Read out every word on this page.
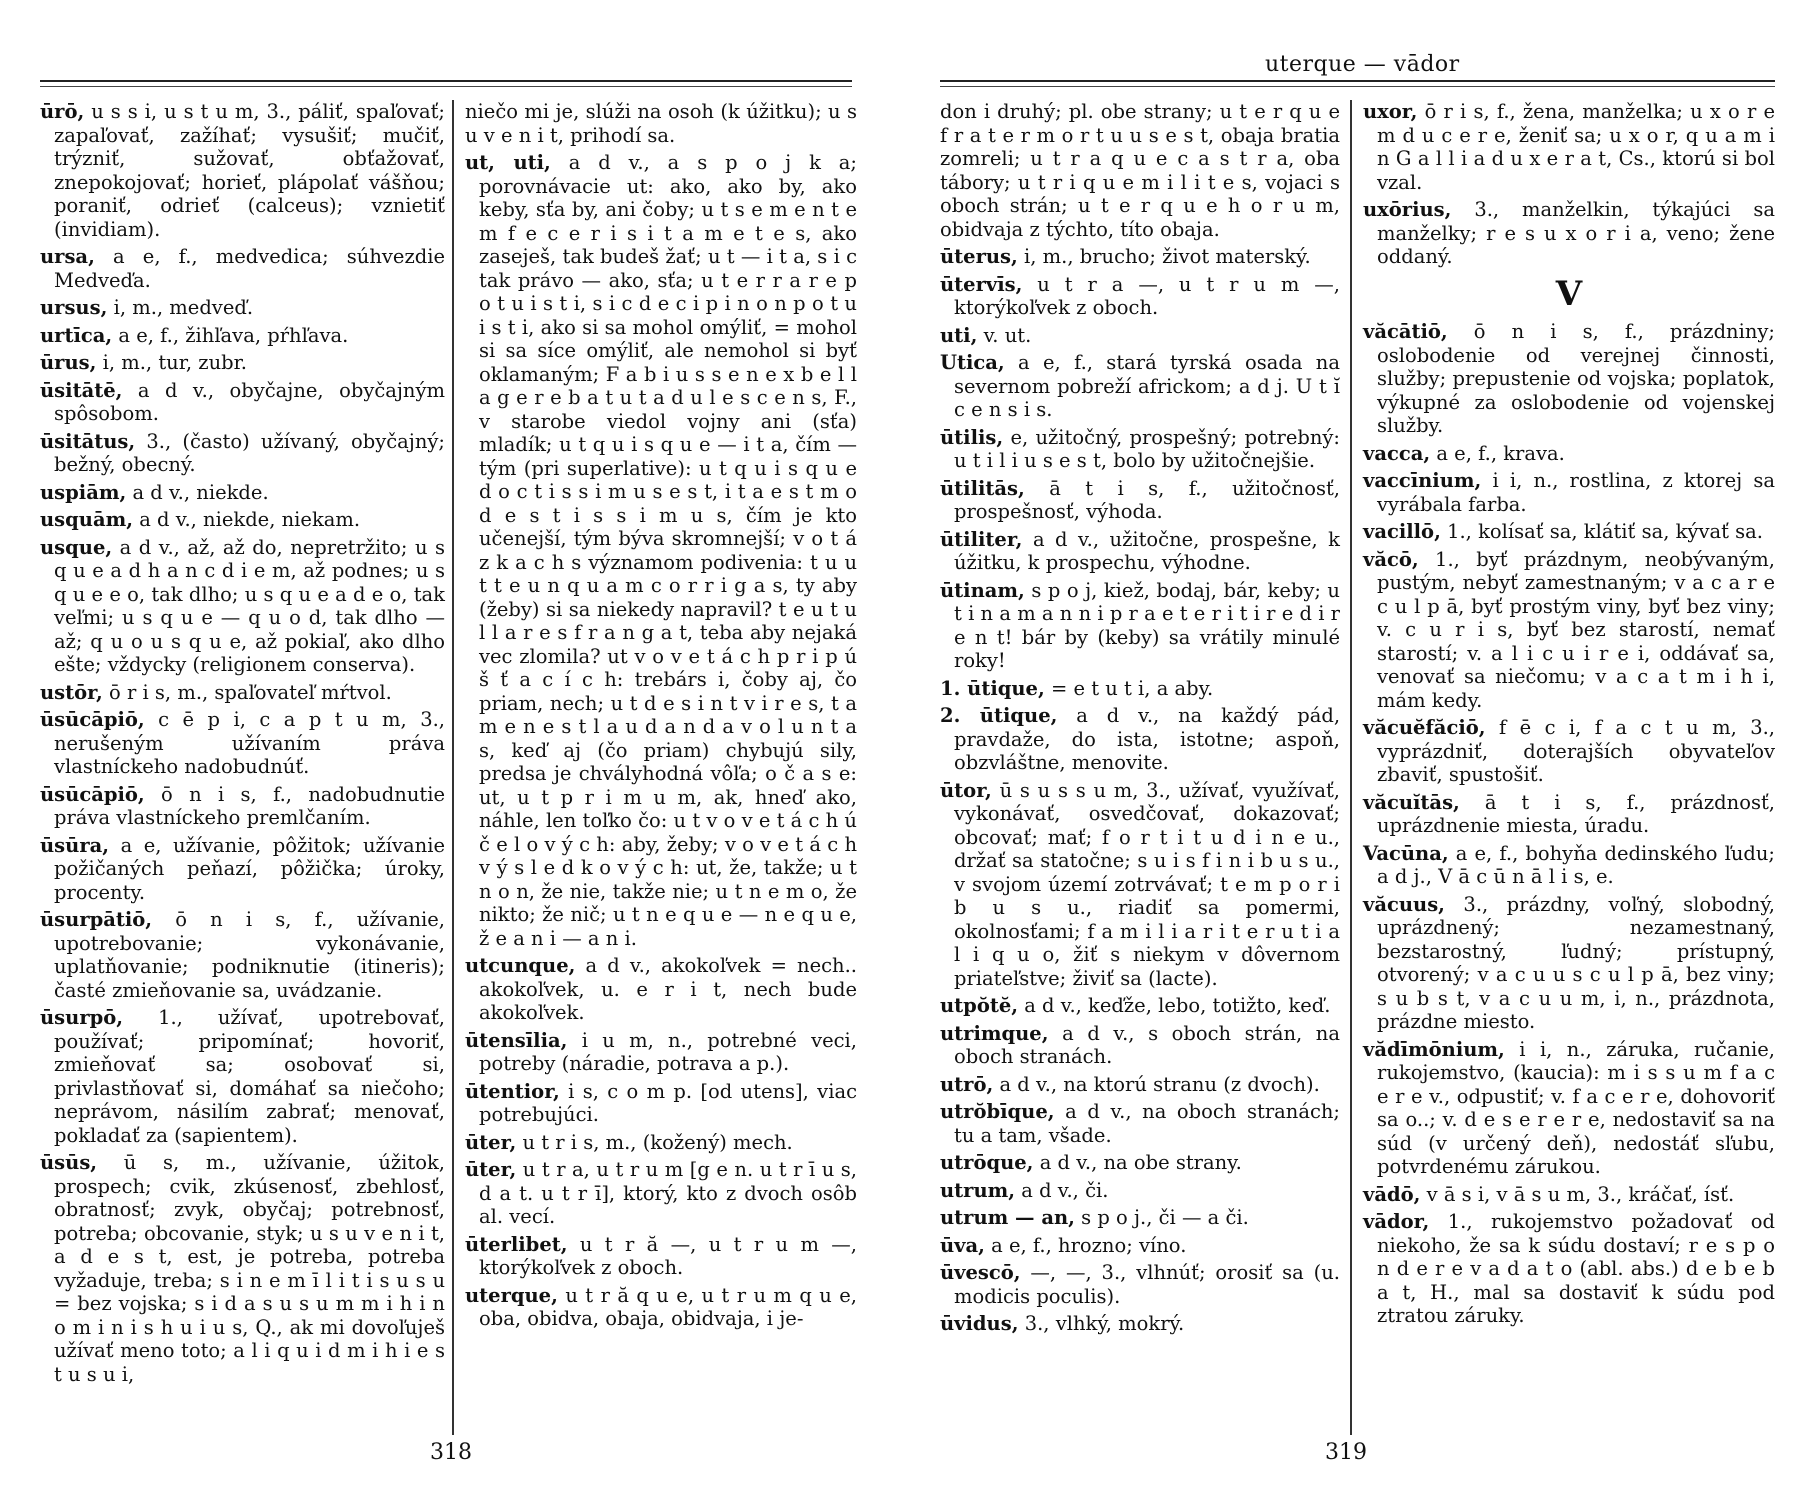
ūrō, u s s i, u s t u m, 3., páliť, spaľovať; zapaľovať, zažíhať; vysušiť; mučiť, trýzniť, sužovať, obťažovať, znepokojovať; horieť, plápolať vášňou; poraniť, odrieť (calceus); vznietiť (invidiam).

ursa, a e, f., medvedica; súhvezdie Medveďa.

ursus, i, m., medveď.

urtīca, a e, f., žihľava, pŕhľava.

ūrus, i, m., tur, zubr.

ūsitātē, a d v., obyčajne, obyčajným spôsobom.

ūsitātus, 3., (často) užívaný, obyčajný; bežný, obecný.

uspiām, a d v., niekde.

usquām, a d v., niekde, niekam.

usque, a d v., až, až do, nepretržito; u s q u e a d h a n c d i e m, až podnes; u s q u e e o, tak dlho; u s q u e a d e o, tak veľmi; u s q u e — q u o d, tak dlho — až; q u o u s q u e, až pokiaľ, ako dlho ešte; vždycky (religionem conserva).

ustōr, ō r i s, m., spaľovateľ mŕtvol.

ūsūcāpiō, c ē p i, c a p t u m, 3., nerušeným užívaním práva vlastníckeho nadobudnúť.

ūsūcāpiō, ō n i s, f., nadobudnutie práva vlastníckeho premlčaním.

ūsūra, a e, užívanie, pôžitok; užívanie požičaných peňazí, pôžička; úroky, procenty.

ūsurpātiō, ō n i s, f., užívanie, upotrebovanie; vykonávanie, uplatňovanie; podniknutie (itineris); časté zmieňovanie sa, uvádzanie.

ūsurpō, 1., užívať, upotrebovať, používať; pripomínať; hovoriť, zmieňovať sa; osobovať si, privlastňovať si, domáhať sa niečoho; neprávom, násilím zabrať; menovať, pokladať za (sapientem).

ūsūs, ū s, m., užívanie, úžitok, prospech; cvik, zkúsenosť, zbehlosť, obratnosť; zvyk, obyčaj; potrebnosť, potreba; obcovanie, styk; u s u v e n i t, a d e s t, est, je potreba, potreba vyžaduje, treba; s i n e m ī l i t i s u s u = bez vojska; s i d a s u s u m m i h i n o m i n i s h u i u s, Q., ak mi dovoľuješ užívať meno toto; a l i q u i d m i h i e s t u s u i,

niečo mi je, slúži na osoh (k úžitku); u s u v e n i t, prihodí sa.

ut, uti, a d v., a s p o j k a; porovnávacie ut: ako, ako by, ako keby, sťa by, ani čoby; u t s e m e n t e m f e c e r i s i t a m e t e s, ako zaseješ, tak budeš žať; u t — i t a, s i c tak právo — ako, sťa; u t e r r a r e p o t u i s t i, s i c d e c i p i n o n p o t u i s t i, ako si sa mohol omýliť, = mohol si sa síce omýliť, ale nemohol si byť oklamaným; F a b i u s s e n e x b e l l a g e r e b a t u t a d u l e s c e n s, F., v starobe viedol vojny ani (sťa) mladík; u t q u i s q u e — i t a, čím — tým (pri superlative): u t q u i s q u e d o c t i s s i m u s e s t, i t a e s t m o d e s t i s s i m u s, čím je kto učenejší, tým býva skromnejší; v o t á z k a c h s významom podivenia: t u u t t e u n q u a m c o r r i g a s, ty aby (žeby) si sa niekedy napravil? t e u t u l l a r e s f r a n g a t, teba aby nejaká vec zlomila? ut v o v e t á c h p r i p ú š ť a c í c h: trebárs i, čoby aj, čo priam, nech; u t d e s i n t v i r e s, t a m e n e s t l a u d a n d a v o l u n t a s, keď aj (čo priam) chybujú sily, predsa je chvályhodná vôľa; o č a s e: ut, u t p r i m u m, ak, hneď ako, náhle, len toľko čo: u t v o v e t á c h ú č e l o v ý c h: aby, žeby; v o v e t á c h v ý s l e d k o v ý c h: ut, že, takže; u t n o n, že nie, takže nie; u t n e m o, že nikto; že nič; u t n e q u e — n e q u e, ž e a n i — a n i.

utcunque, a d v., akokoľvek = nech.. akokoľvek, u. e r i t, nech bude akokoľvek.

ūtensīlia, i u m, n., potrebné veci, potreby (náradie, potrava a p.).

ūtentior, i s, c o m p. [od utens], viac potrebujúci.

ūter, u t r i s, m., (kožený) mech.

ūter, u t r a, u t r u m [g e n. u t r ī u s, d a t. u t r ī], ktorý, kto z dvoch osôb al. vecí.

ūterlibet, u t r ă —, u t r u m —, ktorýkoľvek z oboch.

uterque, u t r ă q u e, u t r u m q u e, oba, obidva, obaja, obidvaja, i je-

318
uterque — vādor

don i druhý; pl. obe strany; u t e r q u e f r a t e r m o r t u u s e s t, obaja bratia zomreli; u t r a q u e c a s t r a, oba tábory; u t r i q u e m i l i t e s, vojaci s oboch strán; u t e r q u e h o r u m, obidvaja z týchto, títo obaja.

ūterus, i, m., brucho; život materský.

ūtervīs, u t r a —, u t r u m —, ktorýkoľvek z oboch.

uti, v. ut.

Utica, a e, f., stará tyrská osada na severnom pobreží africkom; a d j. U t ĭ c e n s i s.

ūtilis, e, užitočný, prospešný; potrebný: u t i l i u s e s t, bolo by užitočnejšie.

ūtilitās, ā t i s, f., užitočnosť, prospešnosť, výhoda.

ūtiliter, a d v., užitočne, prospešne, k úžitku, k prospechu, výhodne.

ūtinam, s p o j, kiež, bodaj, bár, keby; u t i n a m a n n i p r a e t e r i t i r e d i r e n t! bár by (keby) sa vrátily minulé roky!

1. ūtique, = e t u t i, a aby.

2. ūtique, a d v., na každý pád, pravdaže, do ista, istotne; aspoň, obzvláštne, menovite.

ūtor, ū s u s s u m, 3., užívať, využívať, vykonávať, osvedčovať, dokazovať; obcovať; mať; f o r t i t u d i n e u., držať sa statočne; s u i s f i n i b u s u., v svojom území zotrvávať; t e m p o r i b u s u., riadiť sa pomermi, okolnosťami; f a m i l i a r i t e r u t i a l i q u o, žiť s niekym v dôvernom priateľstve; živiť sa (lacte).

utpŏtĕ, a d v., keďže, lebo, totižto, keď.

utrimque, a d v., s oboch strán, na oboch stranách.

utrō, a d v., na ktorú stranu (z dvoch).

utrŏbīque, a d v., na oboch stranách; tu a tam, všade.

utrōque, a d v., na obe strany.

utrum, a d v., či.

utrum — an, s p o j., či — a či.

ūva, a e, f., hrozno; víno.

ūvescō, —, —, 3., vlhnúť; orosiť sa (u. modicis poculis).

ūvidus, 3., vlhký, mokrý.

uxor, ō r i s, f., žena, manželka; u x o r e m d u c e r e, ženiť sa; u x o r, q u a m i n G a l l i a d u x e r a t, Cs., ktorú si bol vzal.

uxōrius, 3., manželkin, týkajúci sa manželky; r e s u x o r i a, veno; žene oddaný.

V

văcātiō, ō n i s, f., prázdniny; oslobodenie od verejnej činnosti, služby; prepustenie od vojska; poplatok, výkupné za oslobodenie od vojenskej služby.

vacca, a e, f., krava.

vaccīnium, i i, n., rostlina, z ktorej sa vyrábala farba.

vacillō, 1., kolísať sa, klátiť sa, kývať sa.

văcō, 1., byť prázdnym, neobývaným, pustým, nebyť zamestnaným; v a c a r e c u l p ā, byť prostým viny, byť bez viny; v. c u r i s, byť bez starostí, nemať starostí; v. a l i c u i r e i, oddávať sa, venovať sa niečomu; v a c a t m i h i, mám kedy.

văcuĕfăciō, f ē c i, f a c t u m, 3., vyprázdniť, doterajších obyvateľov zbaviť, spustošiť.

văcuĭtās, ā t i s, f., prázdnosť, uprázdnenie miesta, úradu.

Vacūna, a e, f., bohyňa dedinského ľudu; a d j., V ā c ū n ā l i s, e.

văcuus, 3., prázdny, voľný, slobodný, uprázdnený; nezamestnaný, bezstarostný, ľudný; prístupný, otvorený; v a c u u s c u l p ā, bez viny; s u b s t, v a c u u m, i, n., prázdnota, prázdne miesto.

vădīmōnium, i i, n., záruka, ručanie, rukojemstvo, (kaucia): m i s s u m f a c e r e v., odpustiť; v. f a c e r e, dohovoriť sa o..; v. d e s e r e r e, nedostaviť sa na súd (v určený deň), nedostáť sľubu, potvrdenému zárukou.

vādō, v ā s i, v ā s u m, 3., kráčať, ísť.

vādor, 1., rukojemstvo požadovať od niekoho, že sa k súdu dostaví; r e s p o n d e r e v a d a t o (abl. abs.) d e b e b a t, H., mal sa dostaviť k súdu pod ztratou záruky.

319
